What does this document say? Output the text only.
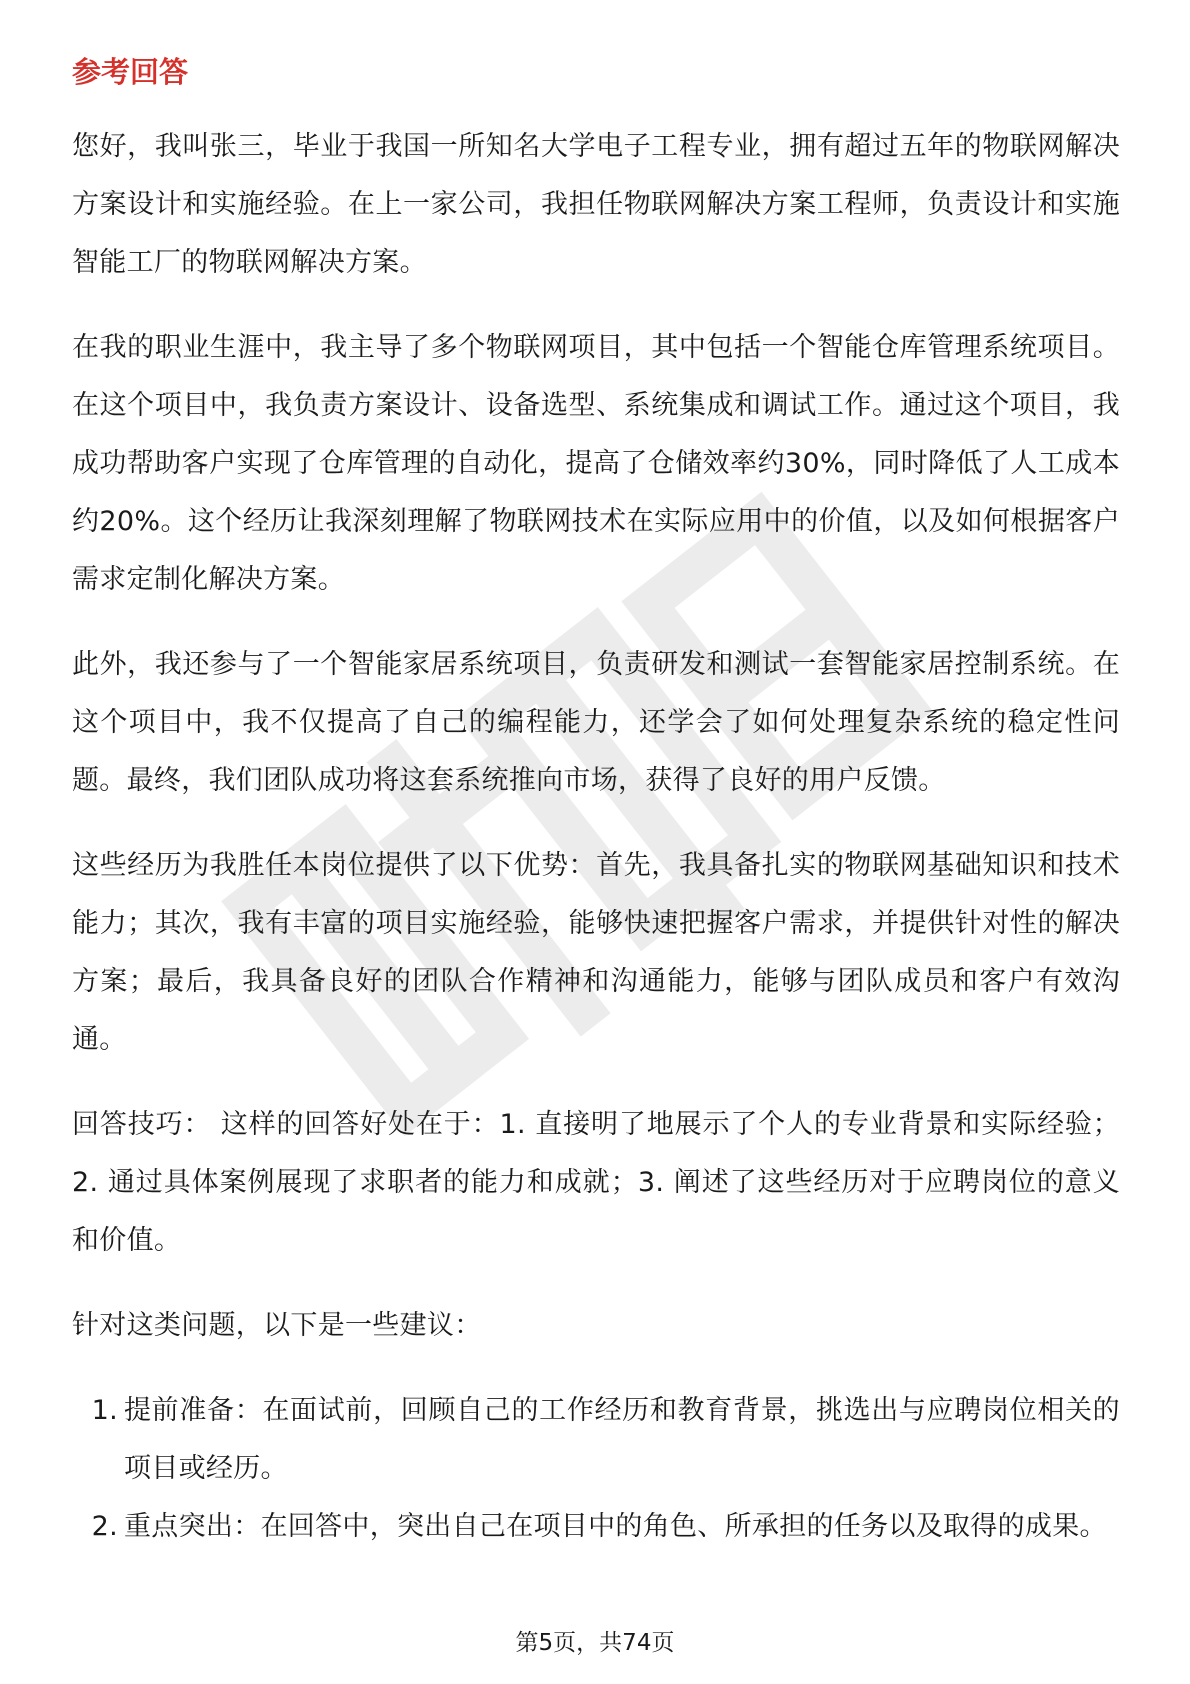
参考回答

您好，我叫张三，毕业于我国一所知名大学电子工程专业，拥有超过五年的物联网解决方案设计和实施经验。在上一家公司，我担任物联网解决方案工程师，负责设计和实施智能工厂的物联网解决方案。

在我的职业生涯中，我主导了多个物联网项目，其中包括一个智能仓库管理系统项目。在这个项目中，我负责方案设计、设备选型、系统集成和调试工作。通过这个项目，我成功帮助客户实现了仓库管理的自动化，提高了仓储效率约30%，同时降低了人工成本约20%。这个经历让我深刻理解了物联网技术在实际应用中的价值，以及如何根据客户需求定制化解决方案。

此外，我还参与了一个智能家居系统项目，负责研发和测试一套智能家居控制系统。在这个项目中，我不仅提高了自己的编程能力，还学会了如何处理复杂系统的稳定性问题。最终，我们团队成功将这套系统推向市场，获得了良好的用户反馈。

这些经历为我胜任本岗位提供了以下优势：首先，我具备扎实的物联网基础知识和技术能力；其次，我有丰富的项目实施经验，能够快速把握客户需求，并提供针对性的解决方案；最后，我具备良好的团队合作精神和沟通能力，能够与团队成员和客户有效沟通。

回答技巧： 这样的回答好处在于：1. 直接明了地展示了个人的专业背景和实际经验；2. 通过具体案例展现了求职者的能力和成就；3. 阐述了这些经历对于应聘岗位的意义和价值。

针对这类问题，以下是一些建议：

1. 提前准备：在面试前，回顾自己的工作经历和教育背景，挑选出与应聘岗位相关的项目或经历。
2. 重点突出：在回答中，突出自己在项目中的角色、所承担的任务以及取得的成果。
第5页，共74页
